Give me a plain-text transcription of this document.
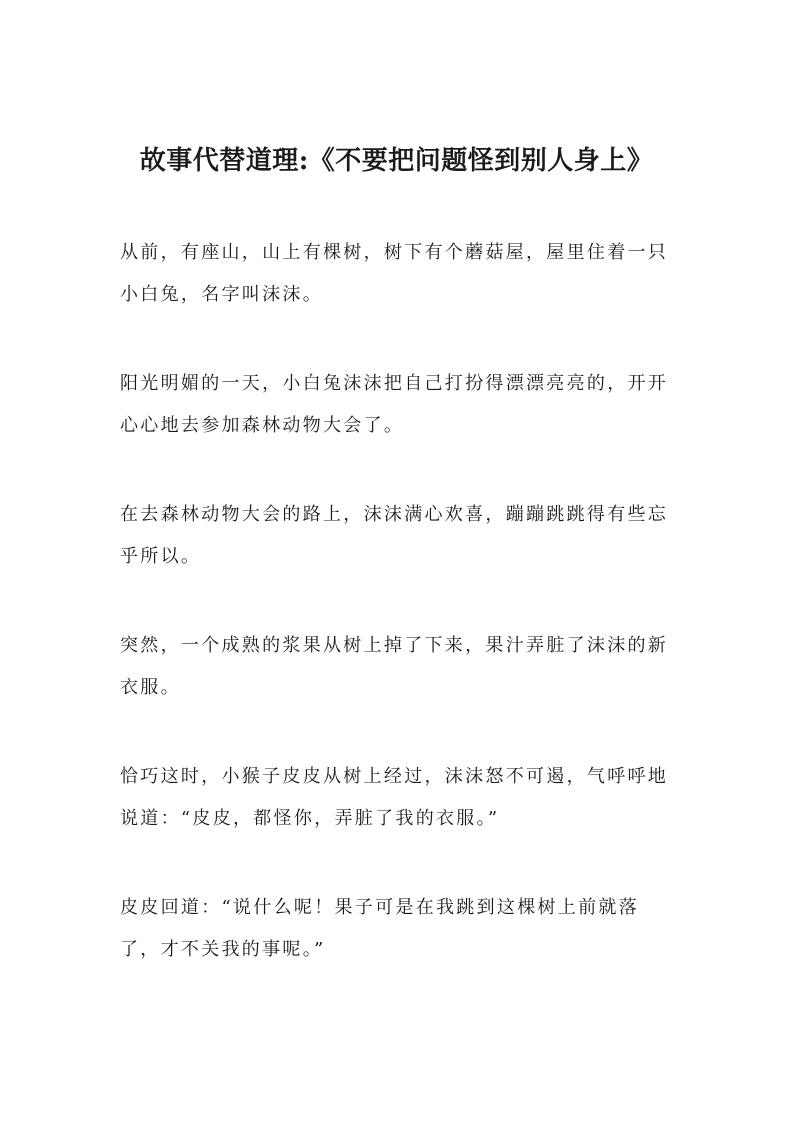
故事代替道理:《不要把问题怪到别人身上》

从前，有座山，山上有棵树，树下有个蘑菇屋，屋里住着一只小白兔，名字叫沫沫。

阳光明媚的一天，小白兔沫沫把自己打扮得漂漂亮亮的，开开心心地去参加森林动物大会了。

在去森林动物大会的路上，沫沫满心欢喜，蹦蹦跳跳得有些忘乎所以。

突然，一个成熟的浆果从树上掉了下来，果汁弄脏了沫沫的新衣服。

恰巧这时，小猴子皮皮从树上经过，沫沫怒不可遏，气呼呼地说道：“皮皮，都怪你，弄脏了我的衣服。”

皮皮回道：“说什么呢！果子可是在我跳到这棵树上前就落了，才不关我的事呢。”
